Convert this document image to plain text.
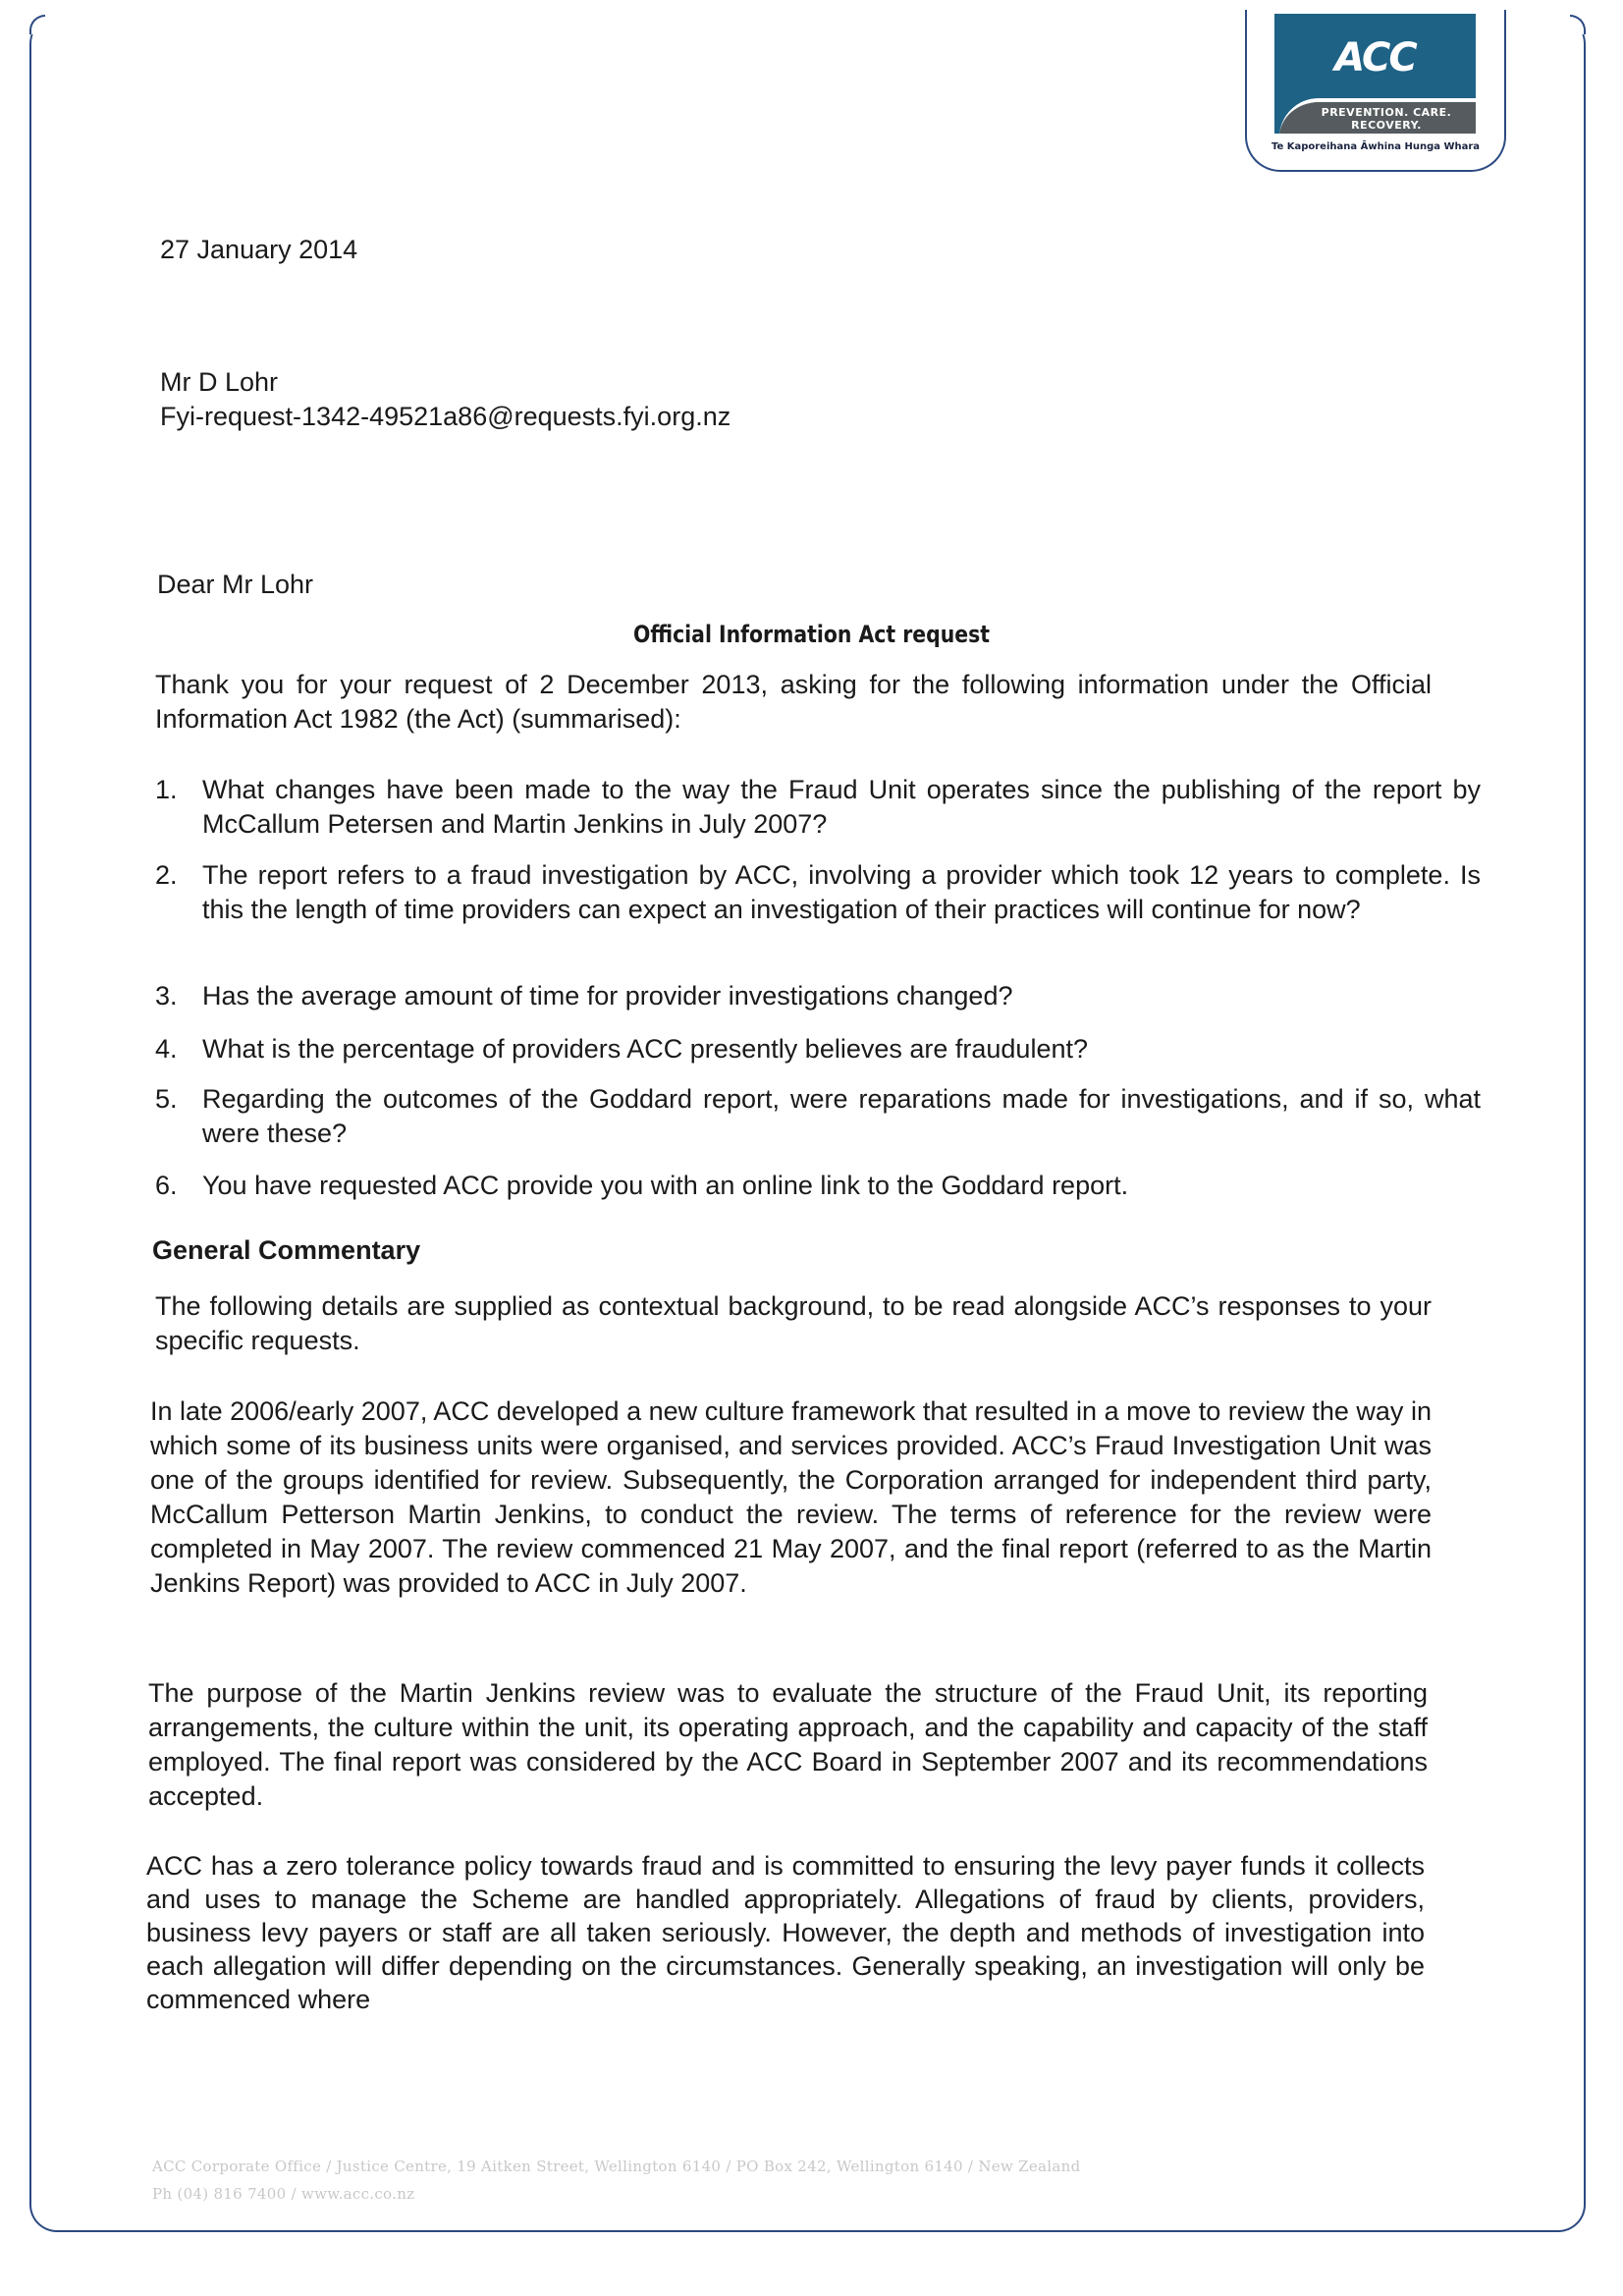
ACC
PREVENTION. CARE. RECOVERY.
Te Kaporeihana Āwhina Hunga Whara
27 January 2014
Mr D Lohr
Fyi-request-1342-49521a86@requests.fyi.org.nz
Dear Mr Lohr
Official Information Act request
Thank you for your request of 2 December 2013, asking for the following information under the Official Information Act 1982 (the Act) (summarised):
1. What changes have been made to the way the Fraud Unit operates since the publishing of the report by McCallum Petersen and Martin Jenkins in July 2007?
2. The report refers to a fraud investigation by ACC, involving a provider which took 12 years to complete. Is this the length of time providers can expect an investigation of their practices will continue for now?
3. Has the average amount of time for provider investigations changed?
4. What is the percentage of providers ACC presently believes are fraudulent?
5. Regarding the outcomes of the Goddard report, were reparations made for investigations, and if so, what were these?
6. You have requested ACC provide you with an online link to the Goddard report.
General Commentary
The following details are supplied as contextual background, to be read alongside ACC’s responses to your specific requests.
In late 2006/early 2007, ACC developed a new culture framework that resulted in a move to review the way in which some of its business units were organised, and services provided. ACC’s Fraud Investigation Unit was one of the groups identified for review. Subsequently, the Corporation arranged for independent third party, McCallum Petterson Martin Jenkins, to conduct the review. The terms of reference for the review were completed in May 2007. The review commenced 21 May 2007, and the final report (referred to as the Martin Jenkins Report) was provided to ACC in July 2007.
The purpose of the Martin Jenkins review was to evaluate the structure of the Fraud Unit, its reporting arrangements, the culture within the unit, its operating approach, and the capability and capacity of the staff employed. The final report was considered by the ACC Board in September 2007 and its recommendations accepted.
ACC has a zero tolerance policy towards fraud and is committed to ensuring the levy payer funds it collects and uses to manage the Scheme are handled appropriately. Allegations of fraud by clients, providers, business levy payers or staff are all taken seriously. However, the depth and methods of investigation into each allegation will differ depending on the circumstances. Generally speaking, an investigation will only be commenced where
ACC Corporate Office / Justice Centre, 19 Aitken Street, Wellington 6140 / PO Box 242, Wellington 6140 / New Zealand
Ph (04) 816 7400 / www.acc.co.nz
